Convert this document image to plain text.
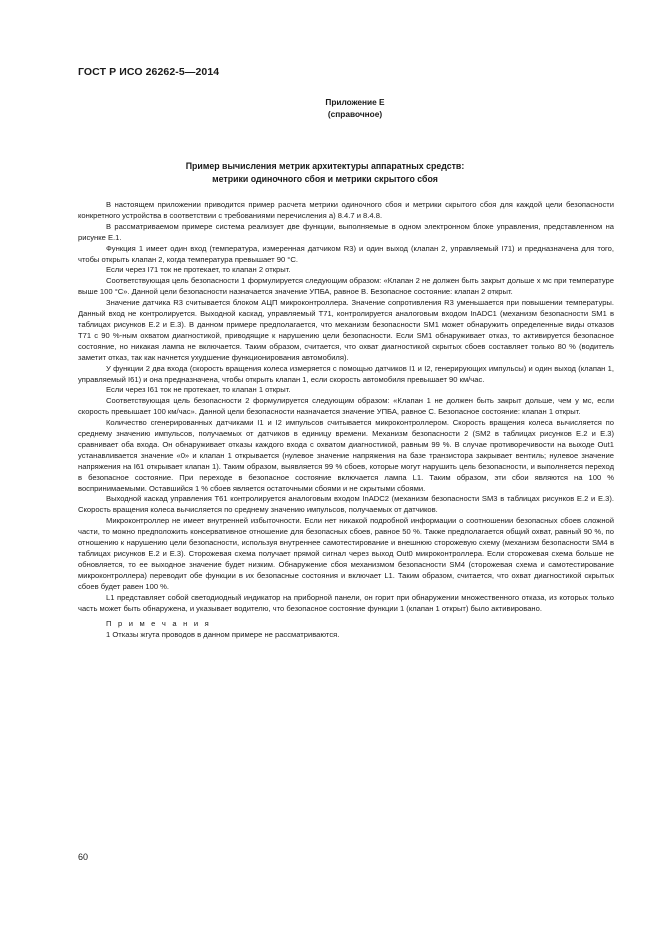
ГОСТ Р ИСО 26262-5—2014
Приложение Е
(справочное)
Пример вычисления метрик архитектуры аппаратных средств:
метрики одиночного сбоя и метрики скрытого сбоя

В настоящем приложении приводится пример расчета метрики одиночного сбоя и метрики скрытого сбоя для каждой цели безопасности конкретного устройства в соответствии с требованиями перечисления а) 8.4.7 и 8.4.8.

В рассматриваемом примере система реализует две функции, выполняемые в одном электронном блоке управления, представленном на рисунке Е.1.

Функция 1 имеет один вход (температура, измеренная датчиком R3) и один выход (клапан 2, управляемый I71) и предназначена для того, чтобы открыть клапан 2, когда температура превышает 90 °C.

Если через I71 ток не протекает, то клапан 2 открыт.

Соответствующая цель безопасности 1 формулируется следующим образом: «Клапан 2 не должен быть закрыт дольше x мс при температуре выше 100 °C». Данной цели безопасности назначается значение УПБА, равное В. Безопасное состояние: клапан 2 открыт.

Значение датчика R3 считывается блоком АЦП микроконтроллера. Значение сопротивления R3 уменьшается при повышении температуры. Данный вход не контролируется. Выходной каскад, управляемый T71, контролируется аналоговым входом InADC1 (механизм безопасности SM1 в таблицах рисунков Е.2 и Е.3). В данном примере предполагается, что механизм безопасности SM1 может обнаружить определенные виды отказов T71 с 90 %-ным охватом диагностикой, приводящие к нарушению цели безопасности. Если SM1 обнаруживает отказ, то активируется безопасное состояние, но никакая лампа не включается. Таким образом, считается, что охват диагностикой скрытых сбоев составляет только 80 % (водитель заметит отказ, так как начнется ухудшение функционирования автомобиля).

У функции 2 два входа (скорость вращения колеса измеряется с помощью датчиков I1 и I2, генерирующих импульсы) и один выход (клапан 1, управляемый I61) и она предназначена, чтобы открыть клапан 1, если скорость автомобиля превышает 90 км/час.

Если через I61 ток не протекает, то клапан 1 открыт.

Соответствующая цель безопасности 2 формулируется следующим образом: «Клапан 1 не должен быть закрыт дольше, чем y мс, если скорость превышает 100 км/час». Данной цели безопасности назначается значение УПБА, равное С. Безопасное состояние: клапан 1 открыт.

Количество сгенерированных датчиками I1 и I2 импульсов считывается микроконтроллером. Скорость вращения колеса вычисляется по среднему значению импульсов, получаемых от датчиков в единицу времени. Механизм безопасности 2 (SM2 в таблицах рисунков Е.2 и Е.3) сравнивает оба входа. Он обнаруживает отказы каждого входа с охватом диагностикой, равным 99 %. В случае противоречивости на выходе Out1 устанавливается значение «0» и клапан 1 открывается (нулевое значение напряжения на базе транзистора закрывает вентиль; нулевое значение напряжения на I61 открывает клапан 1). Таким образом, выявляется 99 % сбоев, которые могут нарушить цель безопасности, и выполняется переход в безопасное состояние. При переходе в безопасное состояние включается лампа L1. Таким образом, эти сбои являются на 100 % воспринимаемыми. Оставшийся 1 % сбоев является остаточными сбоями и не скрытыми сбоями.

Выходной каскад управления T61 контролируется аналоговым входом InADC2 (механизм безопасности SM3 в таблицах рисунков Е.2 и Е.3). Скорость вращения колеса вычисляется по среднему значению импульсов, получаемых от датчиков.

Микроконтроллер не имеет внутренней избыточности. Если нет никакой подробной информации о соотношении безопасных сбоев сложной части, то можно предположить консервативное отношение для безопасных сбоев, равное 50 %. Также предполагается общий охват, равный 90 %, по отношению к нарушению цели безопасности, используя внутреннее самотестирование и внешнюю сторожевую схему (механизм безопасности SM4 в таблицах рисунков Е.2 и Е.3). Сторожевая схема получает прямой сигнал через выход Out0 микроконтроллера. Если сторожевая схема больше не обновляется, то ее выходное значение будет низким. Обнаружение сбоя механизмом безопасности SM4 (сторожевая схема и самотестирование микроконтроллера) переводит обе функции в их безопасные состояния и включает L1. Таким образом, считается, что охват диагностикой скрытых сбоев будет равен 100 %.

L1 представляет собой светодиодный индикатор на приборной панели, он горит при обнаружении множественного отказа, из которых только часть может быть обнаружена, и указывает водителю, что безопасное состояние функции 1 (клапан 1 открыт) было активировано.

П р и м е ч а н и я

1 Отказы жгута проводов в данном примере не рассматриваются.

60
